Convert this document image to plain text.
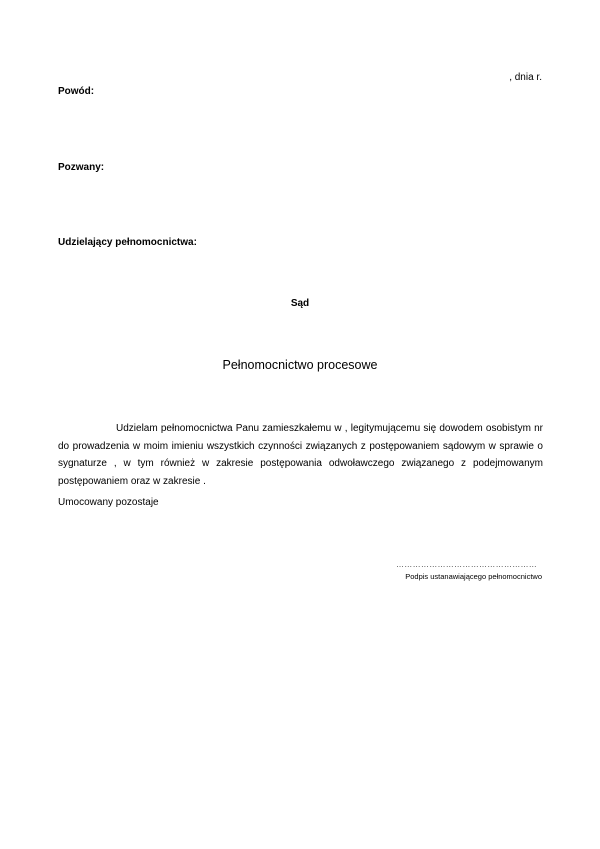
, dnia r.
Powód:
Pozwany:
Udzielający pełnomocnictwa:
Sąd
Pełnomocnictwo procesowe

Udzielam pełnomocnictwa Panu zamieszkałemu w , legitymującemu się dowodem osobistym nr do prowadzenia w moim imieniu wszystkich czynności związanych z postępowaniem sądowym w sprawie o sygnaturze , w tym również w zakresie postępowania odwoławczego związanego z podejmowanym postępowaniem oraz w zakresie .

Umocowany pozostaje
……………………………………………
Podpis ustanawiającego pełnomocnictwo
